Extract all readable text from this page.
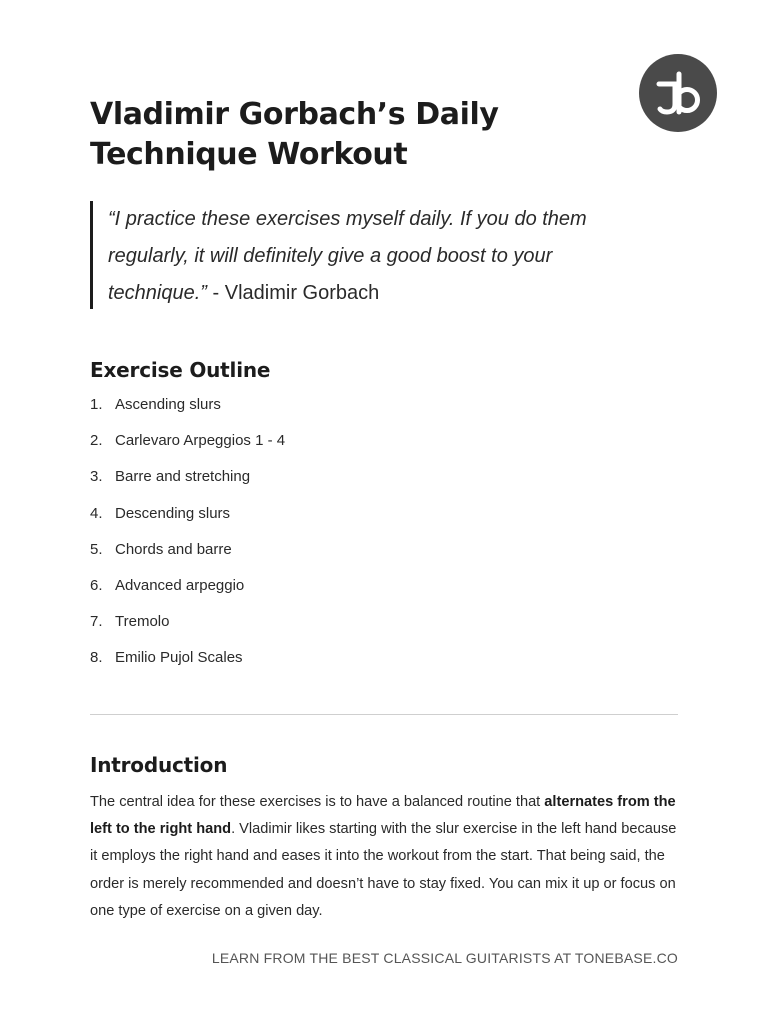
Vladimir Gorbach’s Daily Technique Workout
“I practice these exercises myself daily. If you do them regularly, it will definitely give a good boost to your technique.” - Vladimir Gorbach
Exercise Outline
1. Ascending slurs
2. Carlevaro Arpeggios 1 - 4
3. Barre and stretching
4. Descending slurs
5. Chords and barre
6. Advanced arpeggio
7. Tremolo
8. Emilio Pujol Scales
Introduction

The central idea for these exercises is to have a balanced routine that alternates from the left to the right hand. Vladimir likes starting with the slur exercise in the left hand because it employs the right hand and eases it into the workout from the start. That being said, the order is merely recommended and doesn’t have to stay fixed. You can mix it up or focus on one type of exercise on a given day.

LEARN FROM THE BEST CLASSICAL GUITARISTS AT TONEBASE.CO
